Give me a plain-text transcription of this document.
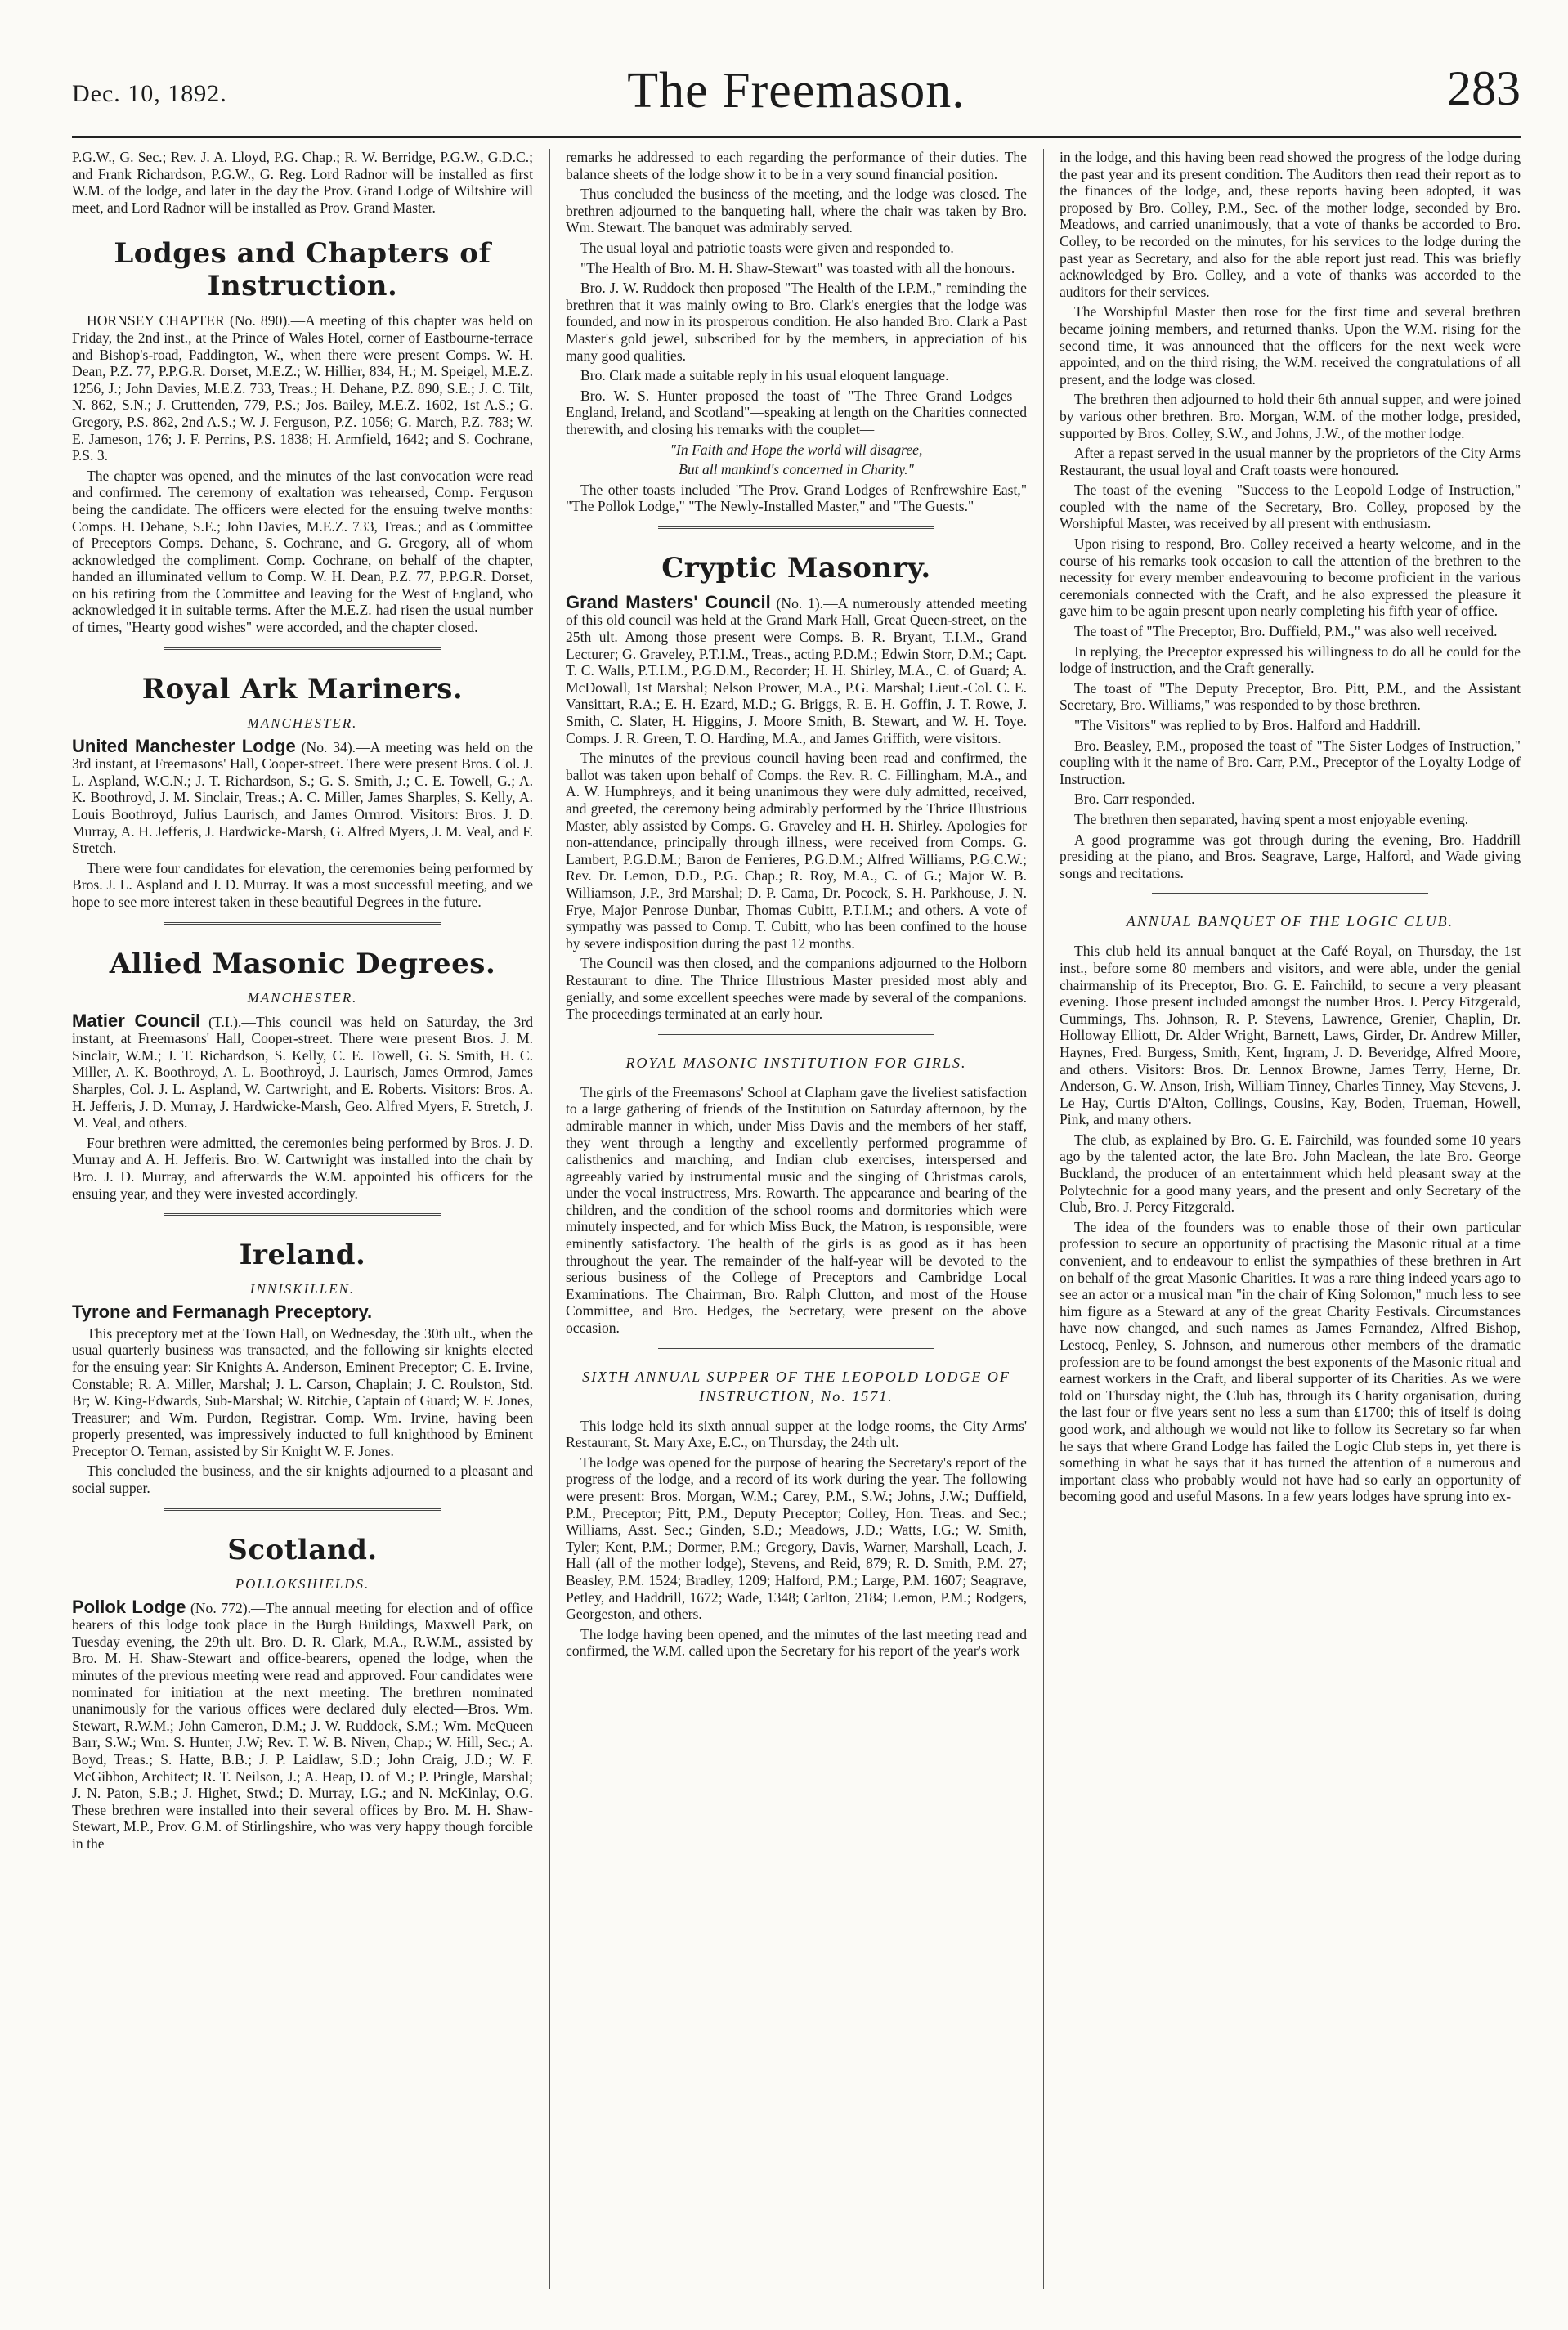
Dec. 10, 1892.	The Freemason.	283

P.G.W., G. Sec.; Rev. J. A. Lloyd, P.G. Chap.; R. W. Berridge, P.G.W., G.D.C.; and Frank Richardson, P.G.W., G. Reg. Lord Radnor will be installed as first W.M. of the lodge, and later in the day the Prov. Grand Lodge of Wiltshire will meet, and Lord Radnor will be installed as Prov. Grand Master.

Lodges and Chapters of Instruction.

HORNSEY CHAPTER (No. 890).—A meeting of this chapter was held on Friday, the 2nd inst., at the Prince of Wales Hotel, corner of Eastbourne-terrace and Bishop's-road, Paddington, W., when there were present Comps. W. H. Dean, P.Z. 77, P.P.G.R. Dorset, M.E.Z.; W. Hillier, 834, H.; M. Speigel, M.E.Z. 1256, J.; John Davies, M.E.Z. 733, Treas.; H. Dehane, P.Z. 890, S.E.; J. C. Tilt, N. 862, S.N.; J. Cruttenden, 779, P.S.; Jos. Bailey, M.E.Z. 1602, 1st A.S.; G. Gregory, P.S. 862, 2nd A.S.; W. J. Ferguson, P.Z. 1056; G. March, P.Z. 783; W. E. Jameson, 176; J. F. Perrins, P.S. 1838; H. Armfield, 1642; and S. Cochrane, P.S. 3.

The chapter was opened, and the minutes of the last convocation were read and confirmed. The ceremony of exaltation was rehearsed, Comp. Ferguson being the candidate. The officers were elected for the ensuing twelve months: Comps. H. Dehane, S.E.; John Davies, M.E.Z. 733, Treas.; and as Committee of Preceptors Comps. Dehane, S. Cochrane, and G. Gregory, all of whom acknowledged the compliment. Comp. Cochrane, on behalf of the chapter, handed an illuminated vellum to Comp. W. H. Dean, P.Z. 77, P.P.G.R. Dorset, on his retiring from the Committee and leaving for the West of England, who acknowledged it in suitable terms. After the M.E.Z. had risen the usual number of times, "Hearty good wishes" were accorded, and the chapter closed.

Royal Ark Mariners.
MANCHESTER.

United Manchester Lodge (No. 34).—A meeting was held on the 3rd instant, at Freemasons' Hall, Cooper-street. There were present Bros. Col. J. L. Aspland, W.C.N.; J. T. Richardson, S.; G. S. Smith, J.; C. E. Towell, G.; A. K. Boothroyd, J. M. Sinclair, Treas.; A. C. Miller, James Sharples, S. Kelly, A. Louis Boothroyd, Julius Laurisch, and James Ormrod. Visitors: Bros. J. D. Murray, A. H. Jefferis, J. Hardwicke-Marsh, G. Alfred Myers, J. M. Veal, and F. Stretch.

There were four candidates for elevation, the ceremonies being performed by Bros. J. L. Aspland and J. D. Murray. It was a most successful meeting, and we hope to see more interest taken in these beautiful Degrees in the future.

Allied Masonic Degrees.
MANCHESTER.

Matier Council (T.I.).—This council was held on Saturday, the 3rd instant, at Freemasons' Hall, Cooper-street. There were present Bros. J. M. Sinclair, W.M.; J. T. Richardson, S. Kelly, C. E. Towell, G. S. Smith, H. C. Miller, A. K. Boothroyd, A. L. Boothroyd, J. Laurisch, James Ormrod, James Sharples, Col. J. L. Aspland, W. Cartwright, and E. Roberts. Visitors: Bros. A. H. Jefferis, J. D. Murray, J. Hardwicke-Marsh, Geo. Alfred Myers, F. Stretch, J. M. Veal, and others.

Four brethren were admitted, the ceremonies being performed by Bros. J. D. Murray and A. H. Jefferis. Bro. W. Cartwright was installed into the chair by Bro. J. D. Murray, and afterwards the W.M. appointed his officers for the ensuing year, and they were invested accordingly.

Ireland.
INNISKILLEN.

Tyrone and Fermanagh Preceptory.

This preceptory met at the Town Hall, on Wednesday, the 30th ult., when the usual quarterly business was transacted, and the following sir knights elected for the ensuing year: Sir Knights A. Anderson, Eminent Preceptor; C. E. Irvine, Constable; R. A. Miller, Marshal; J. L. Carson, Chaplain; J. C. Roulston, Std. Br; W. King-Edwards, Sub-Marshal; W. Ritchie, Captain of Guard; W. F. Jones, Treasurer; and Wm. Purdon, Registrar. Comp. Wm. Irvine, having been properly presented, was impressively inducted to full knighthood by Eminent Preceptor O. Ternan, assisted by Sir Knight W. F. Jones.

This concluded the business, and the sir knights adjourned to a pleasant and social supper.

Scotland.
POLLOKSHIELDS.

Pollok Lodge (No. 772).—The annual meeting for election and of office bearers of this lodge took place in the Burgh Buildings, Maxwell Park, on Tuesday evening, the 29th ult. Bro. D. R. Clark, M.A., R.W.M., assisted by Bro. M. H. Shaw-Stewart and office-bearers, opened the lodge, when the minutes of the previous meeting were read and approved. Four candidates were nominated for initiation at the next meeting. The brethren nominated unanimously for the various offices were declared duly elected—Bros. Wm. Stewart, R.W.M.; John Cameron, D.M.; J. W. Ruddock, S.M.; Wm. McQueen Barr, S.W.; Wm. S. Hunter, J.W; Rev. T. W. B. Niven, Chap.; W. Hill, Sec.; A. Boyd, Treas.; S. Hatte, B.B.; J. P. Laidlaw, S.D.; John Craig, J.D.; W. F. McGibbon, Architect; R. T. Neilson, J.; A. Heap, D. of M.; P. Pringle, Marshal; J. N. Paton, S.B.; J. Highet, Stwd.; D. Murray, I.G.; and N. McKinlay, O.G. These brethren were installed into their several offices by Bro. M. H. Shaw-Stewart, M.P., Prov. G.M. of Stirlingshire, who was very happy though forcible in the

remarks he addressed to each regarding the performance of their duties. The balance sheets of the lodge show it to be in a very sound financial position.

Thus concluded the business of the meeting, and the lodge was closed. The brethren adjourned to the banqueting hall, where the chair was taken by Bro. Wm. Stewart. The banquet was admirably served.

The usual loyal and patriotic toasts were given and responded to.

"The Health of Bro. M. H. Shaw-Stewart" was toasted with all the honours.

Bro. J. W. Ruddock then proposed "The Health of the I.P.M.," reminding the brethren that it was mainly owing to Bro. Clark's energies that the lodge was founded, and now in its prosperous condition. He also handed Bro. Clark a Past Master's gold jewel, subscribed for by the members, in appreciation of his many good qualities.

Bro. Clark made a suitable reply in his usual eloquent language.

Bro. W. S. Hunter proposed the toast of "The Three Grand Lodges—England, Ireland, and Scotland"—speaking at length on the Charities connected therewith, and closing his remarks with the couplet—

"In Faith and Hope the world will disagree,
But all mankind's concerned in Charity."

The other toasts included "The Prov. Grand Lodges of Renfrewshire East," "The Pollok Lodge," "The Newly-Installed Master," and "The Guests."

Cryptic Masonry.

Grand Masters' Council (No. 1).—A numerously attended meeting of this old council was held at the Grand Mark Hall, Great Queen-street, on the 25th ult. Among those present were Comps. B. R. Bryant, T.I.M., Grand Lecturer; G. Graveley, P.T.I.M., Treas., acting P.D.M.; Edwin Storr, D.M.; Capt. T. C. Walls, P.T.I.M., P.G.D.M., Recorder; H. H. Shirley, M.A., C. of Guard; A. McDowall, 1st Marshal; Nelson Prower, M.A., P.G. Marshal; Lieut.-Col. C. E. Vansittart, R.A.; E. H. Ezard, M.D.; G. Briggs, R. E. H. Goffin, J. T. Rowe, J. Smith, C. Slater, H. Higgins, J. Moore Smith, B. Stewart, and W. H. Toye. Comps. J. R. Green, T. O. Harding, M.A., and James Griffith, were visitors.

The minutes of the previous council having been read and confirmed, the ballot was taken upon behalf of Comps. the Rev. R. C. Fillingham, M.A., and A. W. Humphreys, and it being unanimous they were duly admitted, received, and greeted, the ceremony being admirably performed by the Thrice Illustrious Master, ably assisted by Comps. G. Graveley and H. H. Shirley. Apologies for non-attendance, principally through illness, were received from Comps. G. Lambert, P.G.D.M.; Baron de Ferrieres, P.G.D.M.; Alfred Williams, P.G.C.W.; Rev. Dr. Lemon, D.D., P.G. Chap.; R. Roy, M.A., C. of G.; Major W. B. Williamson, J.P., 3rd Marshal; D. P. Cama, Dr. Pocock, S. H. Parkhouse, J. N. Frye, Major Penrose Dunbar, Thomas Cubitt, P.T.I.M.; and others. A vote of sympathy was passed to Comp. T. Cubitt, who has been confined to the house by severe indisposition during the past 12 months.

The Council was then closed, and the companions adjourned to the Holborn Restaurant to dine. The Thrice Illustrious Master presided most ably and genially, and some excellent speeches were made by several of the companions. The proceedings terminated at an early hour.

ROYAL MASONIC INSTITUTION FOR GIRLS.

The girls of the Freemasons' School at Clapham gave the liveliest satisfaction to a large gathering of friends of the Institution on Saturday afternoon, by the admirable manner in which, under Miss Davis and the members of her staff, they went through a lengthy and excellently performed programme of calisthenics and marching, and Indian club exercises, interspersed and agreeably varied by instrumental music and the singing of Christmas carols, under the vocal instructress, Mrs. Rowarth. The appearance and bearing of the children, and the condition of the school rooms and dormitories which were minutely inspected, and for which Miss Buck, the Matron, is responsible, were eminently satisfactory. The health of the girls is as good as it has been throughout the year. The remainder of the half-year will be devoted to the serious business of the College of Preceptors and Cambridge Local Examinations. The Chairman, Bro. Ralph Clutton, and most of the House Committee, and Bro. Hedges, the Secretary, were present on the above occasion.

SIXTH ANNUAL SUPPER OF THE LEOPOLD LODGE OF INSTRUCTION, No. 1571.

This lodge held its sixth annual supper at the lodge rooms, the City Arms' Restaurant, St. Mary Axe, E.C., on Thursday, the 24th ult.

The lodge was opened for the purpose of hearing the Secretary's report of the progress of the lodge, and a record of its work during the year. The following were present: Bros. Morgan, W.M.; Carey, P.M., S.W.; Johns, J.W.; Duffield, P.M., Preceptor; Pitt, P.M., Deputy Preceptor; Colley, Hon. Treas. and Sec.; Williams, Asst. Sec.; Ginden, S.D.; Meadows, J.D.; Watts, I.G.; W. Smith, Tyler; Kent, P.M.; Dormer, P.M.; Gregory, Davis, Warner, Marshall, Leach, J. Hall (all of the mother lodge), Stevens, and Reid, 879; R. D. Smith, P.M. 27; Beasley, P.M. 1524; Bradley, 1209; Halford, P.M.; Large, P.M. 1607; Seagrave, Petley, and Haddrill, 1672; Wade, 1348; Carlton, 2184; Lemon, P.M.; Rodgers, Georgeston, and others.

The lodge having been opened, and the minutes of the last meeting read and confirmed, the W.M. called upon the Secretary for his report of the year's work

in the lodge, and this having been read showed the progress of the lodge during the past year and its present condition. The Auditors then read their report as to the finances of the lodge, and, these reports having been adopted, it was proposed by Bro. Colley, P.M., Sec. of the mother lodge, seconded by Bro. Meadows, and carried unanimously, that a vote of thanks be accorded to Bro. Colley, to be recorded on the minutes, for his services to the lodge during the past year as Secretary, and also for the able report just read. This was briefly acknowledged by Bro. Colley, and a vote of thanks was accorded to the auditors for their services.

The Worshipful Master then rose for the first time and several brethren became joining members, and returned thanks. Upon the W.M. rising for the second time, it was announced that the officers for the next week were appointed, and on the third rising, the W.M. received the congratulations of all present, and the lodge was closed.

The brethren then adjourned to hold their 6th annual supper, and were joined by various other brethren. Bro. Morgan, W.M. of the mother lodge, presided, supported by Bros. Colley, S.W., and Johns, J.W., of the mother lodge.

After a repast served in the usual manner by the proprietors of the City Arms Restaurant, the usual loyal and Craft toasts were honoured.

The toast of the evening—"Success to the Leopold Lodge of Instruction," coupled with the name of the Secretary, Bro. Colley, proposed by the Worshipful Master, was received by all present with enthusiasm.

Upon rising to respond, Bro. Colley received a hearty welcome, and in the course of his remarks took occasion to call the attention of the brethren to the necessity for every member endeavouring to become proficient in the various ceremonials connected with the Craft, and he also expressed the pleasure it gave him to be again present upon nearly completing his fifth year of office.

The toast of "The Preceptor, Bro. Duffield, P.M.," was also well received.

In replying, the Preceptor expressed his willingness to do all he could for the lodge of instruction, and the Craft generally.

The toast of "The Deputy Preceptor, Bro. Pitt, P.M., and the Assistant Secretary, Bro. Williams," was responded to by those brethren.

"The Visitors" was replied to by Bros. Halford and Haddrill.

Bro. Beasley, P.M., proposed the toast of "The Sister Lodges of Instruction," coupling with it the name of Bro. Carr, P.M., Preceptor of the Loyalty Lodge of Instruction.

Bro. Carr responded.

The brethren then separated, having spent a most enjoyable evening.

A good programme was got through during the evening, Bro. Haddrill presiding at the piano, and Bros. Seagrave, Large, Halford, and Wade giving songs and recitations.

ANNUAL BANQUET OF THE LOGIC CLUB.

This club held its annual banquet at the Café Royal, on Thursday, the 1st inst., before some 80 members and visitors, and were able, under the genial chairmanship of its Preceptor, Bro. G. E. Fairchild, to secure a very pleasant evening. Those present included amongst the number Bros. J. Percy Fitzgerald, Cummings, Ths. Johnson, R. P. Stevens, Lawrence, Grenier, Chaplin, Dr. Holloway Elliott, Dr. Alder Wright, Barnett, Laws, Girder, Dr. Andrew Miller, Haynes, Fred. Burgess, Smith, Kent, Ingram, J. D. Beveridge, Alfred Moore, and others. Visitors: Bros. Dr. Lennox Browne, James Terry, Herne, Dr. Anderson, G. W. Anson, Irish, William Tinney, Charles Tinney, May Stevens, J. Le Hay, Curtis D'Alton, Collings, Cousins, Kay, Boden, Trueman, Howell, Pink, and many others.

The club, as explained by Bro. G. E. Fairchild, was founded some 10 years ago by the talented actor, the late Bro. John Maclean, the late Bro. George Buckland, the producer of an entertainment which held pleasant sway at the Polytechnic for a good many years, and the present and only Secretary of the Club, Bro. J. Percy Fitzgerald.

The idea of the founders was to enable those of their own particular profession to secure an opportunity of practising the Masonic ritual at a time convenient, and to endeavour to enlist the sympathies of these brethren in Art on behalf of the great Masonic Charities. It was a rare thing indeed years ago to see an actor or a musical man "in the chair of King Solomon," much less to see him figure as a Steward at any of the great Charity Festivals. Circumstances have now changed, and such names as James Fernandez, Alfred Bishop, Lestocq, Penley, S. Johnson, and numerous other members of the dramatic profession are to be found amongst the best exponents of the Masonic ritual and earnest workers in the Craft, and liberal supporter of its Charities. As we were told on Thursday night, the Club has, through its Charity organisation, during the last four or five years sent no less a sum than £1700; this of itself is doing good work, and although we would not like to follow its Secretary so far when he says that where Grand Lodge has failed the Logic Club steps in, yet there is something in what he says that it has turned the attention of a numerous and important class who probably would not have had so early an opportunity of becoming good and useful Masons. In a few years lodges have sprung into ex-
